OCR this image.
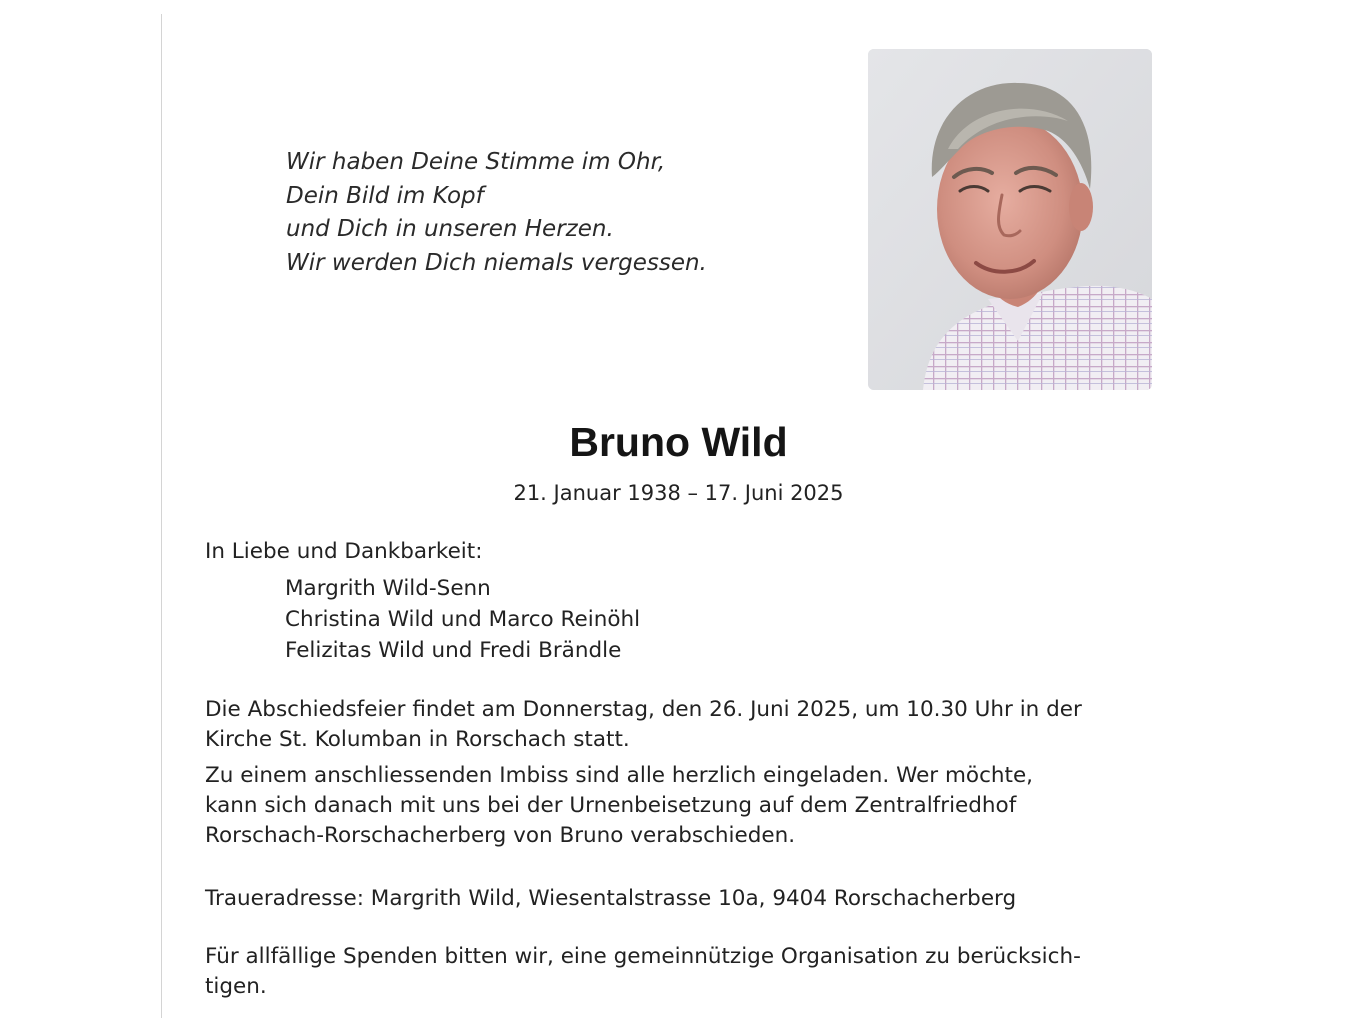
Wir haben Deine Stimme im Ohr,
Dein Bild im Kopf
und Dich in unseren Herzen.
Wir werden Dich niemals vergessen.
Bruno Wild
21. Januar 1938 – 17. Juni 2025
In Liebe und Dankbarkeit:
Margrith Wild-Senn
Christina Wild und Marco Reinöhl
Felizitas Wild und Fredi Brändle
Die Abschiedsfeier findet am Donnerstag, den 26. Juni 2025, um 10.30 Uhr in der
Kirche St. Kolumban in Rorschach statt.
Zu einem anschliessenden Imbiss sind alle herzlich eingeladen. Wer möchte,
kann sich danach mit uns bei der Urnenbeisetzung auf dem Zentralfriedhof
Rorschach-Rorschacherberg von Bruno verabschieden.
Traueradresse: Margrith Wild, Wiesentalstrasse 10a, 9404 Rorschacherberg
Für allfällige Spenden bitten wir, eine gemeinnützige Organisation zu berücksich-
tigen.
